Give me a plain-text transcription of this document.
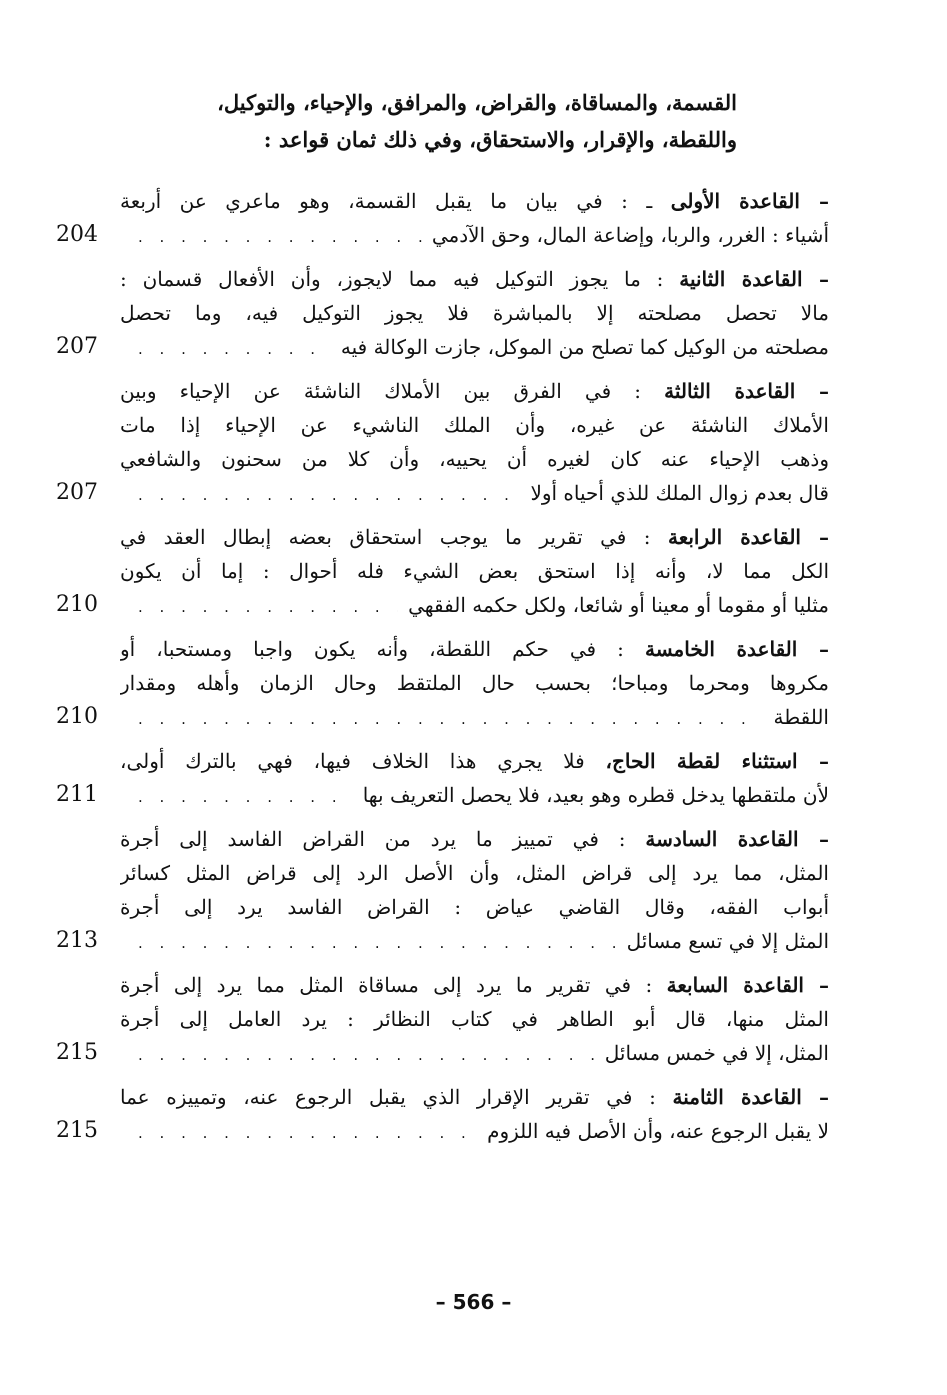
القسمة، والمساقاة، والقراض، والمرافق، والإحياء، والتوكيل،
واللقطة، والإقرار، والاستحقاق، وفي ذلك ثمان قواعد :
– القاعدة الأولى ـ : في بيان ما يقبل القسمة، وهو ماعري عن أربعة
أشياء : الغرر، والربا، وإضاعة المال، وحق الآدمي
. . .
204
– القاعدة الثانية : ما يجوز التوكيل فيه مما لايجوز، وأن الأفعال قسمان :
مالا تحصل مصلحته إلا بالمباشرة فلا يجوز التوكيل فيه، وما تحصل
مصلحته من الوكيل كما تصلح من الموكل، جازت الوكالة فيه
. . .
207
– القاعدة الثالثة : في الفرق بين الأملاك الناشئة عن الإحياء وبين
الأملاك الناشئة عن غيره، وأن الملك الناشيء عن الإحياء إذا مات
وذهب الإحياء عنه كان لغيره أن يحييه، وأن كلا من سحنون والشافعي
قال بعدم زوال الملك للذي أحياه أولا
. . .
207
– القاعدة الرابعة : في تقرير ما يوجب استحقاق بعضه إبطال العقد في
الكل مما لا، وأنه إذا استحق بعض الشيء فله أحوال : إما أن يكون
مثليا أو مقوما أو معينا أو شائعا، ولكل حكمه الفقهي
. . .
210
– القاعدة الخامسة : في حكم اللقطة، وأنه يكون واجبا ومستحبا، أو
مكروها ومحرما ومباحا؛ بحسب حال الملتقط وحال الزمان وأهله ومقدار
اللقطة
. . .
210
– استثناء لقطة الحاج، فلا يجري هذا الخلاف فيها، فهي بالترك أولى،
لأن ملتقطها يدخل قطره وهو بعيد، فلا يحصل التعريف بها
. . .
211
– القاعدة السادسة : في تمييز ما يرد من القراض الفاسد إلى أجرة
المثل، مما يرد إلى قراض المثل، وأن الأصل الرد إلى قراض المثل كسائر
أبواب الفقه، وقال القاضي عياض : القراض الفاسد يرد إلى أجرة
المثل إلا في تسع مسائل
. . .
213
– القاعدة السابعة : في تقرير ما يرد إلى مساقاة المثل مما يرد إلى أجرة
المثل منها، قال أبو الطاهر في كتاب النظائر : يرد العامل إلى أجرة
المثل، إلا في خمس مسائل
. . .
215
– القاعدة الثامنة : في تقرير الإقرار الذي يقبل الرجوع عنه، وتمييزه عما
لا يقبل الرجوع عنه، وأن الأصل فيه اللزوم
. . .
215
– 566 –
